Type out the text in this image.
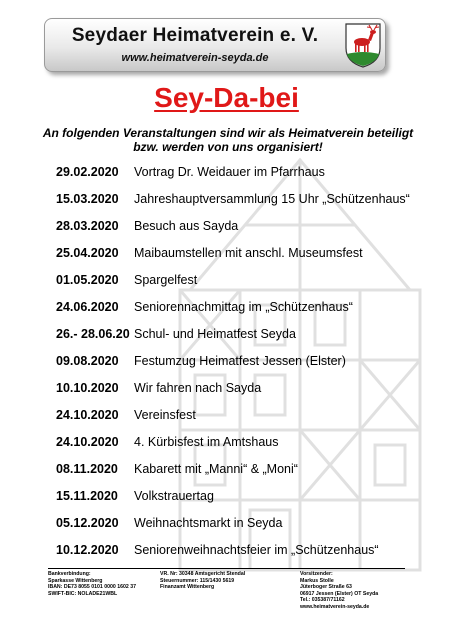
Seydaer Heimatverein e. V.
www.heimatverein-seyda.de
Sey-Da-bei
An folgenden Veranstaltungen sind wir als Heimatverein beteiligt
bzw. werden von uns organisiert!
29.02.2020 Vortrag Dr. Weidauer im Pfarrhaus
15.03.2020 Jahreshauptversammlung 15 Uhr „Schützenhaus“
28.03.2020 Besuch aus Sayda
25.04.2020 Maibaumstellen mit anschl. Museumsfest
01.05.2020 Spargelfest
24.06.2020 Seniorennachmittag im „Schützenhaus“
26.- 28.06.20 Schul- und Heimatfest Seyda
09.08.2020 Festumzug Heimatfest Jessen (Elster)
10.10.2020 Wir fahren nach Sayda
24.10.2020 Vereinsfest
24.10.2020 4. Kürbisfest im Amtshaus
08.11.2020 Kabarett mit „Manni“ & „Moni“
15.11.2020 Volkstrauertag
05.12.2020 Weihnachtsmarkt in Seyda
10.12.2020 Seniorenweihnachtsfeier im „Schützenhaus“
Bankverbindung:
Sparkasse Wittenberg
IBAN: DE73 8055 0101 0000 1602 37
SWIFT-BIC: NOLADE21WBL
VR. Nr: 30348 Amtsgericht Stendal
Steuernummer: 115/1430 5619
Finanzamt Wittenberg
Vorsitzender:
Markus Stolle
Jüterboger Straße 63
06917 Jessen (Elster) OT Seyda
Tel.: 035387/71162
www.heimatverein-seyda.de
